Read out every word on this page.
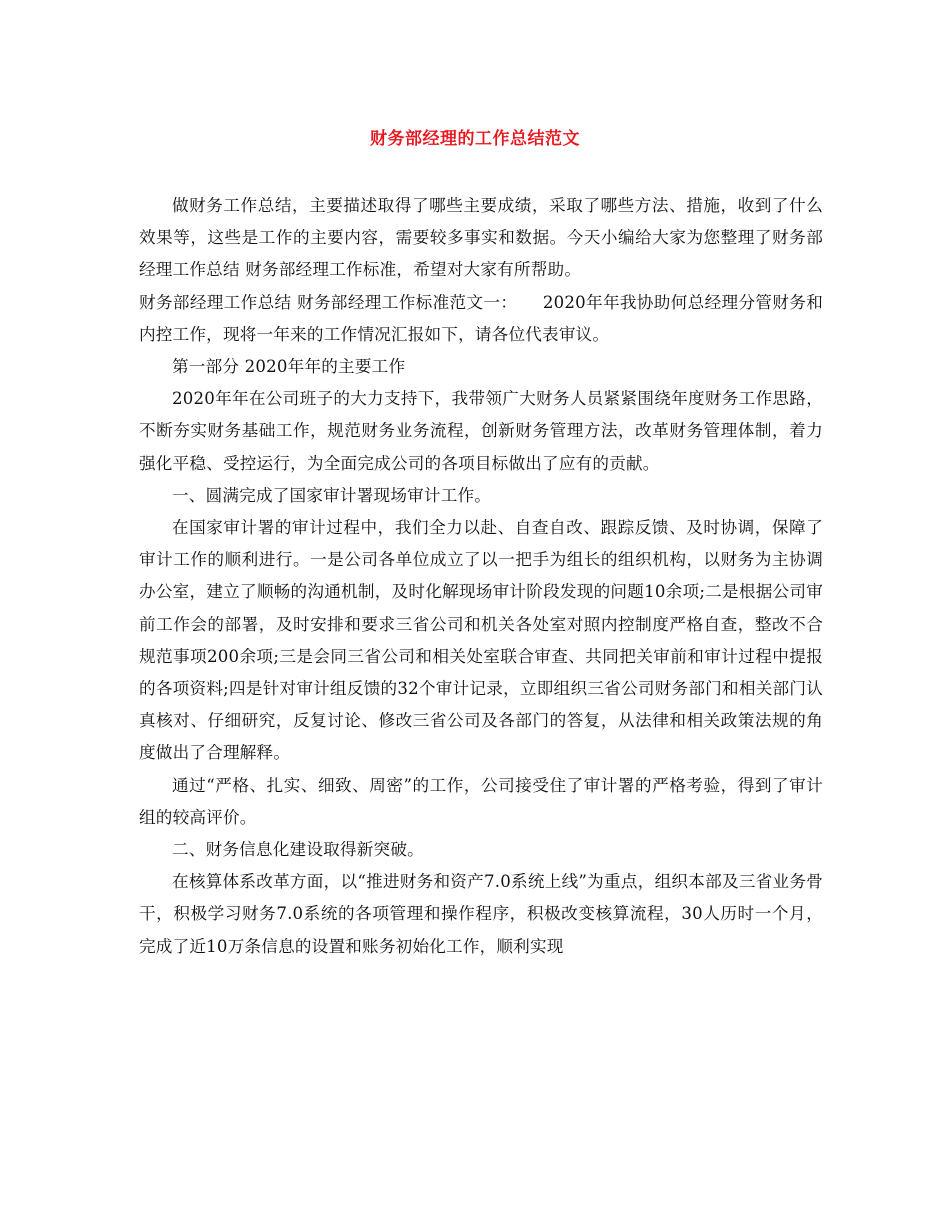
财务部经理的工作总结范文

做财务工作总结，主要描述取得了哪些主要成绩，采取了哪些方法、措施，收到了什么效果等，这些是工作的主要内容，需要较多事实和数据。今天小编给大家为您整理了财务部经理工作总结 财务部经理工作标准，希望对大家有所帮助。

财务部经理工作总结 财务部经理工作标准范文一：　　2020年年我协助何总经理分管财务和内控工作，现将一年来的工作情况汇报如下，请各位代表审议。

第一部分 2020年年的主要工作

2020年年在公司班子的大力支持下，我带领广大财务人员紧紧围绕年度财务工作思路，不断夯实财务基础工作，规范财务业务流程，创新财务管理方法，改革财务管理体制，着力强化平稳、受控运行，为全面完成公司的各项目标做出了应有的贡献。

一、圆满完成了国家审计署现场审计工作。

在国家审计署的审计过程中，我们全力以赴、自查自改、跟踪反馈、及时协调，保障了审计工作的顺利进行。一是公司各单位成立了以一把手为组长的组织机构，以财务为主协调办公室，建立了顺畅的沟通机制，及时化解现场审计阶段发现的问题10余项;二是根据公司审前工作会的部署，及时安排和要求三省公司和机关各处室对照内控制度严格自查，整改不合规范事项200余项;三是会同三省公司和相关处室联合审查、共同把关审前和审计过程中提报的各项资料;四是针对审计组反馈的32个审计记录，立即组织三省公司财务部门和相关部门认真核对、仔细研究，反复讨论、修改三省公司及各部门的答复，从法律和相关政策法规的角度做出了合理解释。

通过“严格、扎实、细致、周密”的工作，公司接受住了审计署的严格考验，得到了审计组的较高评价。

二、财务信息化建设取得新突破。

在核算体系改革方面，以“推进财务和资产7.0系统上线”为重点，组织本部及三省业务骨干，积极学习财务7.0系统的各项管理和操作程序，积极改变核算流程，30人历时一个月，完成了近10万条信息的设置和账务初始化工作，顺利实现
